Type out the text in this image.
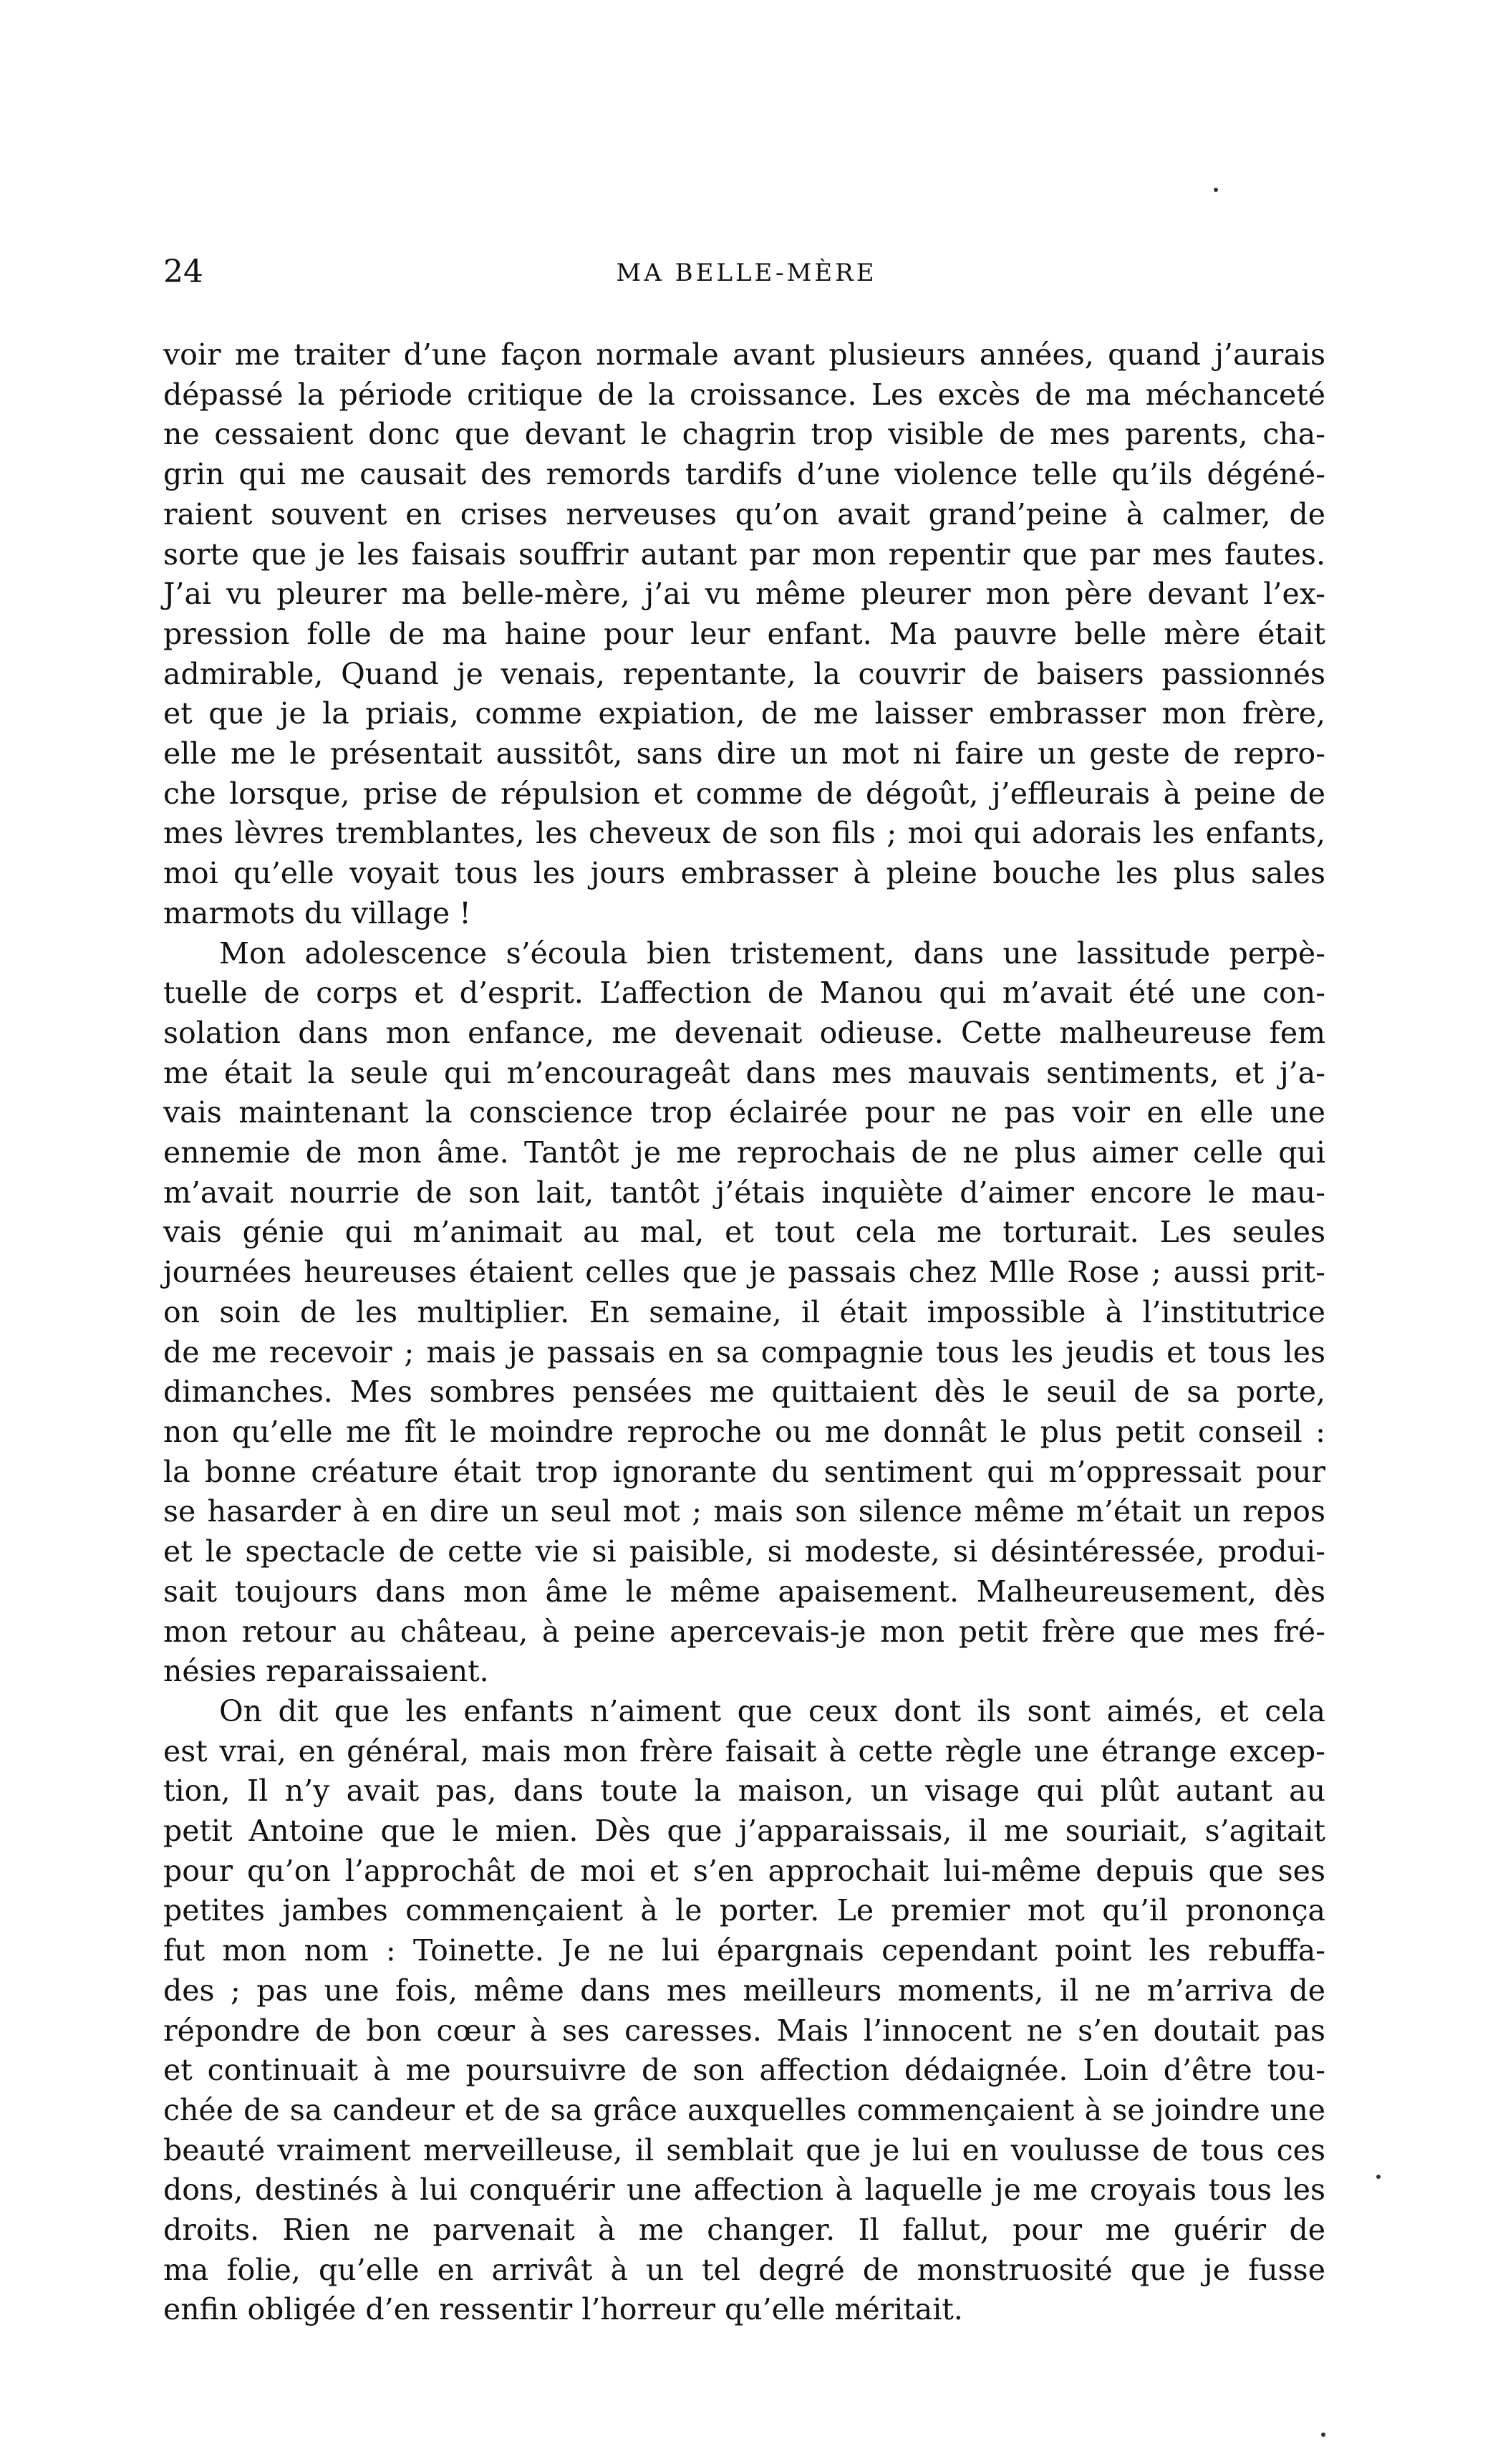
24	MA BELLE-MÈRE

voir me traiter d’une façon normale avant plusieurs années, quand j’aurais
dépassé la période critique de la croissance. Les excès de ma méchanceté
ne cessaient donc que devant le chagrin trop visible de mes parents, cha-
grin qui me causait des remords tardifs d’une violence telle qu’ils dégéné-
raient souvent en crises nerveuses qu’on avait grand’peine à calmer, de
sorte que je les faisais souffrir autant par mon repentir que par mes fautes.
J’ai vu pleurer ma belle-mère, j’ai vu même pleurer mon père devant l’ex-
pression folle de ma haine pour leur enfant. Ma pauvre belle mère était
admirable, Quand je venais, repentante, la couvrir de baisers passionnés
et que je la priais, comme expiation, de me laisser embrasser mon frère,
elle me le présentait aussitôt, sans dire un mot ni faire un geste de repro-
che lorsque, prise de répulsion et comme de dégoût, j’effleurais à peine de
mes lèvres tremblantes, les cheveux de son fils ; moi qui adorais les enfants,
moi qu’elle voyait tous les jours embrasser à pleine bouche les plus sales
marmots du village !

Mon adolescence s’écoula bien tristement, dans une lassitude perpè-
tuelle de corps et d’esprit. L’affection de Manou qui m’avait été une con-
solation dans mon enfance, me devenait odieuse. Cette malheureuse fem
me était la seule qui m’encourageât dans mes mauvais sentiments, et j’a-
vais maintenant la conscience trop éclairée pour ne pas voir en elle une
ennemie de mon âme. Tantôt je me reprochais de ne plus aimer celle qui
m’avait nourrie de son lait, tantôt j’étais inquiète d’aimer encore le mau-
vais génie qui m’animait au mal, et tout cela me torturait. Les seules
journées heureuses étaient celles que je passais chez Mlle Rose ; aussi prit-
on soin de les multiplier. En semaine, il était impossible à l’institutrice
de me recevoir ; mais je passais en sa compagnie tous les jeudis et tous les
dimanches. Mes sombres pensées me quittaient dès le seuil de sa porte,
non qu’elle me fît le moindre reproche ou me donnât le plus petit conseil :
la bonne créature était trop ignorante du sentiment qui m’oppressait pour
se hasarder à en dire un seul mot ; mais son silence même m’était un repos
et le spectacle de cette vie si paisible, si modeste, si désintéressée, produi-
sait toujours dans mon âme le même apaisement. Malheureusement, dès
mon retour au château, à peine apercevais-je mon petit frère que mes fré-
nésies reparaissaient.

On dit que les enfants n’aiment que ceux dont ils sont aimés, et cela
est vrai, en général, mais mon frère faisait à cette règle une étrange excep-
tion, Il n’y avait pas, dans toute la maison, un visage qui plût autant au
petit Antoine que le mien. Dès que j’apparaissais, il me souriait, s’agitait
pour qu’on l’approchât de moi et s’en approchait lui-même depuis que ses
petites jambes commençaient à le porter. Le premier mot qu’il prononça
fut mon nom : Toinette. Je ne lui épargnais cependant point les rebuffa-
des ; pas une fois, même dans mes meilleurs moments, il ne m’arriva de
répondre de bon cœur à ses caresses. Mais l’innocent ne s’en doutait pas
et continuait à me poursuivre de son affection dédaignée. Loin d’être tou-
chée de sa candeur et de sa grâce auxquelles commençaient à se joindre une
beauté vraiment merveilleuse, il semblait que je lui en voulusse de tous ces
dons, destinés à lui conquérir une affection à laquelle je me croyais tous les
droits. Rien ne parvenait à me changer. Il fallut, pour me guérir de
ma folie, qu’elle en arrivât à un tel degré de monstruosité que je fusse
enfin obligée d’en ressentir l’horreur qu’elle méritait.
